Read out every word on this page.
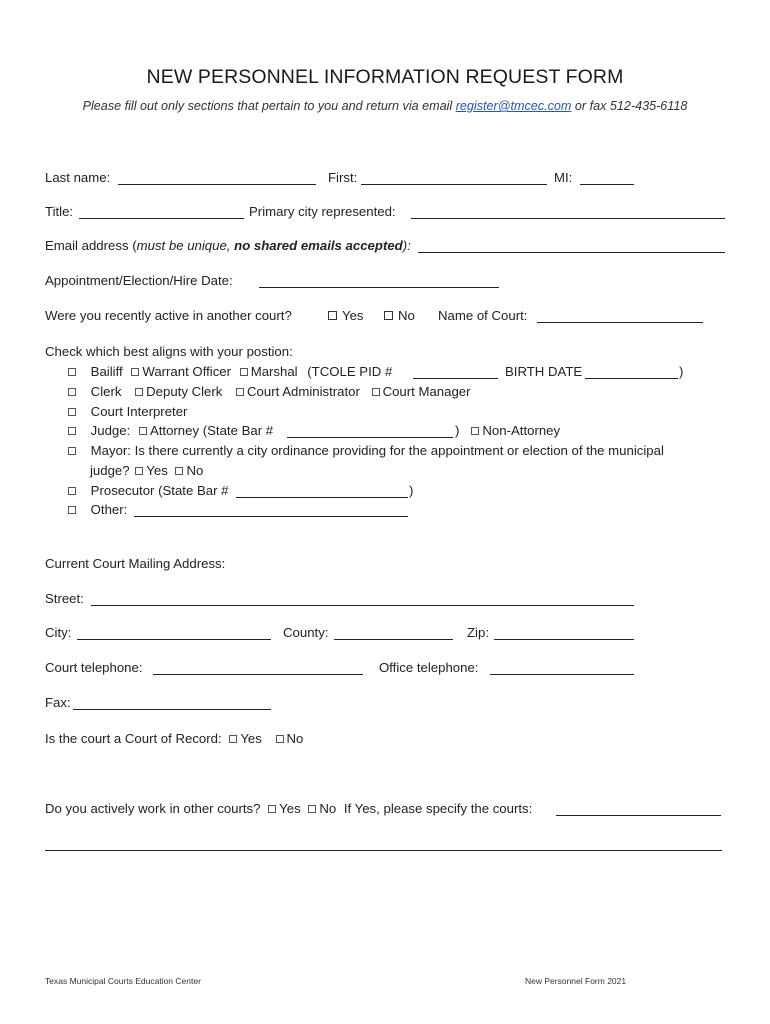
NEW PERSONNEL INFORMATION REQUEST FORM
Please fill out only sections that pertain to you and return via email register@tmcec.com or fax 512-435-6118
Last name:	First:	MI:
Title:	Primary city represented:
Email address (must be unique, no shared emails accepted):
Appointment/Election/Hire Date:
Were you recently active in another court?	Yes	No Name of Court:
Check which best aligns with your postion:
Bailiff Warrant Officer Marshal (TCOLE PID #	BIRTH DATE	)
Clerk Deputy Clerk Court Administrator Court Manager
Court Interpreter
Judge: Attorney (State Bar #	) Non-Attorney
Mayor: Is there currently a city ordinance providing for the appointment or election of the municipal
judge? Yes No
Prosecutor (State Bar #	)
Other:
Current Court Mailing Address:
Street:
City:	County:	Zip:
Court telephone:	Office telephone:
Fax:
Is the court a Court of Record: Yes No
Do you actively work in other courts? Yes No If Yes, please specify the courts:
Texas Municipal Courts Education Center	New Personnel Form 2021
